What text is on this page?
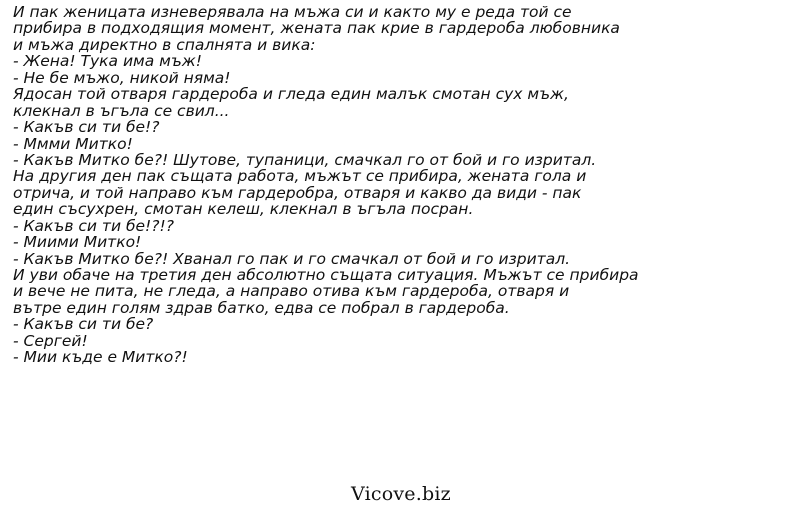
И пак женицата изневерявала на мъжа си и както му е реда той се
прибира в подходящия момент, жената пак крие в гардероба любовника
и мъжа директно в спалнята и вика:
- Жена! Тука има мъж!
- Не бе мъжо, никой няма!
Ядосан той отваря гардероба и гледа един малък смотан сух мъж,
клекнал в ъгъла се свил...
- Какъв си ти бе!?
- Ммми Митко!
- Какъв Митко бе?! Шутове, тупаници, смачкал го от бой и го изритал.
На другия ден пак същата работа, мъжът се прибира, жената гола и
отрича, и той направо към гардеробра, отваря и какво да види - пак
един съсухрен, смотан келеш, клекнал в ъгъла посран.
- Какъв си ти бе!?!?
- Миими Митко!
- Какъв Митко бе?! Хванал го пак и го смачкал от бой и го изритал.
И уви обаче на третия ден абсолютно същата ситуация. Мъжът се прибира
и вече не пита, не гледа, а направо отива към гардероба, отваря и
вътре един голям здрав батко, едва се побрал в гардероба.
- Какъв си ти бе?
- Сергей!
- Мии къде е Митко?!
Vicove.biz
